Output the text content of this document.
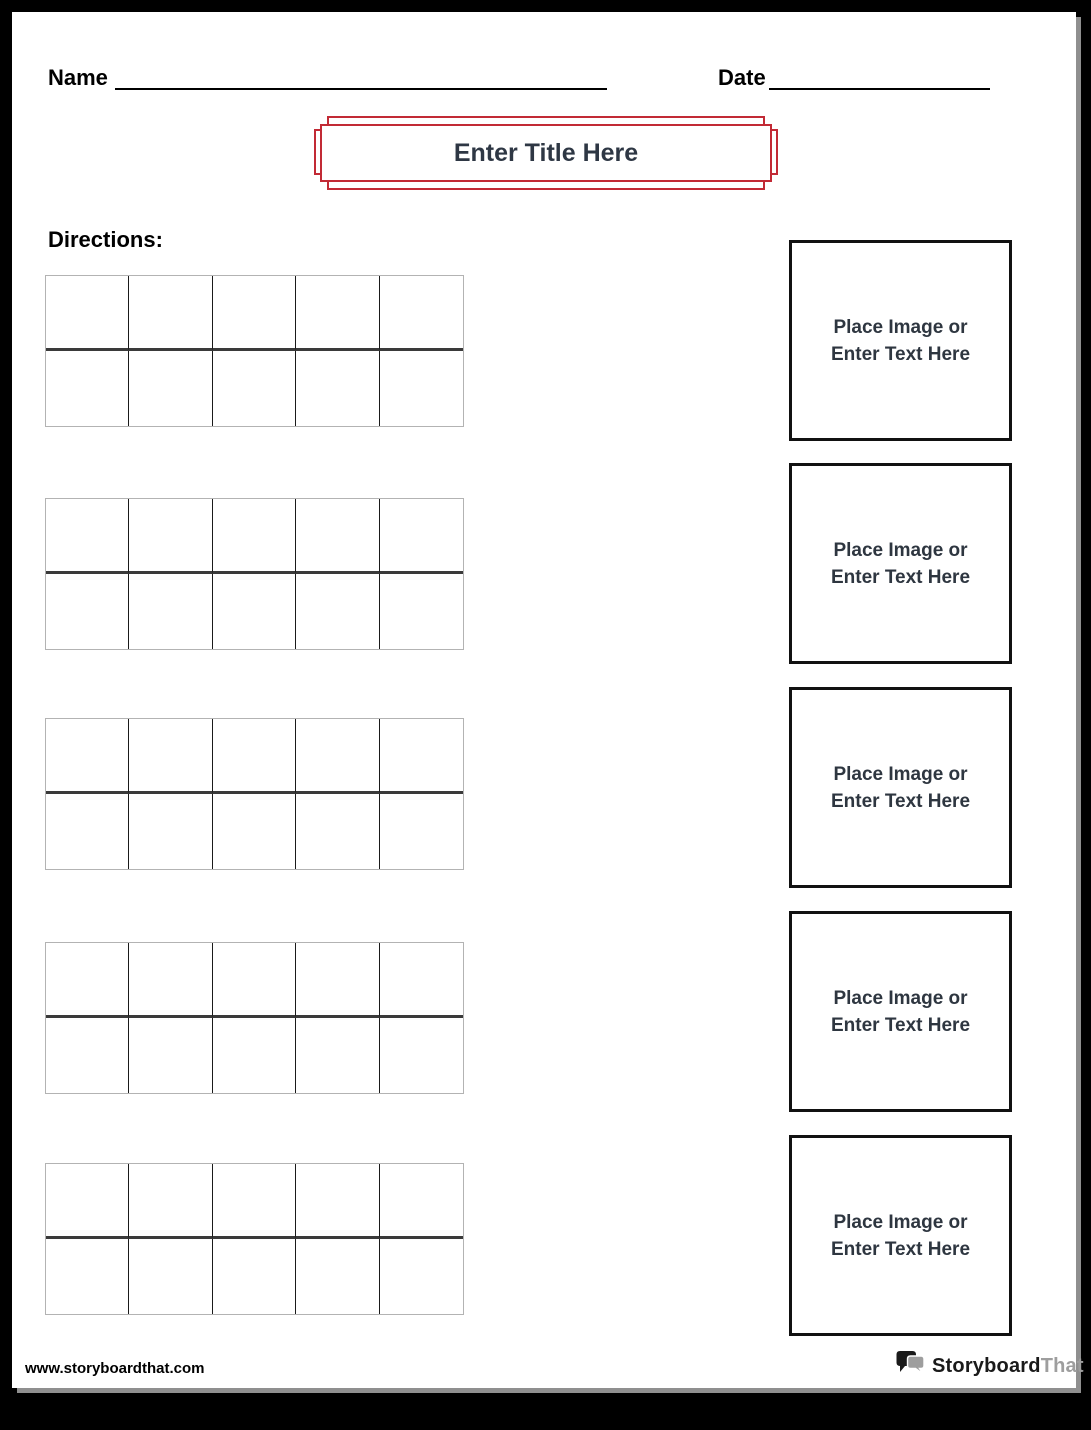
Name	Date
Enter Title Here
Directions:
Place Image or
Enter Text Here
Place Image or
Enter Text Here
Place Image or
Enter Text Here
Place Image or
Enter Text Here
Place Image or
Enter Text Here
www.storyboardthat.com	StoryboardThat
